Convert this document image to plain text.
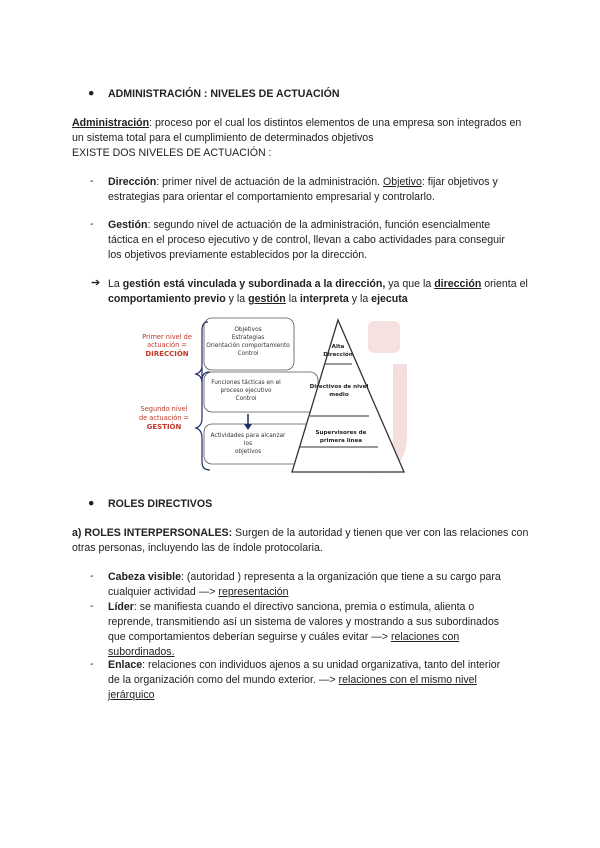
●	ADMINISTRACIÓN : NIVELES DE ACTUACIÓN
Administración: proceso por el cual los distintos elementos de una empresa son integrados en un sistema total para el cumplimiento de determinados objetivos
EXISTE DOS NIVELES DE ACTUACIÓN :
- Dirección: primer nivel de actuación de la administración. Objetivo: fijar objetivos y estrategias para orientar el comportamiento empresarial y controlarlo.
- Gestión: segundo nivel de actuación de la administración, función esencialmente táctica en el proceso ejecutivo y de control, llevan a cabo actividades para conseguir los objetivos previamente establecidos por la dirección.
➔ La gestión está vinculada y subordinada a la dirección, ya que la dirección orienta el comportamiento previo y la gestión la interpreta y la ejecuta
Primer nivel de
actuación =
DIRECCIÓN
Segundo nivel
de actuación =
GESTIÓN
Objetivos
Estrategias
Orientación comportamiento
Control
Funciones tácticas en el
proceso ejecutivo
Control
Actividades para alcanzar
los
objetivos
Alta
Dirección
Directivos de nivel
medio
Supervisores de
primera línea
●	ROLES DIRECTIVOS
a) ROLES INTERPERSONALES: Surgen de la autoridad y tienen que ver con las relaciones con otras personas, incluyendo las de índole protocolaria.
- Cabeza visible: (autoridad ) representa a la organización que tiene a su cargo para cualquier actividad —> representación
- Líder: se manifiesta cuando el directivo sanciona, premia o estimula, alienta o reprende, transmitiendo así un sistema de valores y mostrando a sus subordinados que comportamientos deberían seguirse y cuáles evitar —> relaciones con subordinados.
- Enlace: relaciones con individuos ajenos a su unidad organizativa, tanto del interior de la organización como del mundo exterior. —> relaciones con el mismo nivel jerárquico
